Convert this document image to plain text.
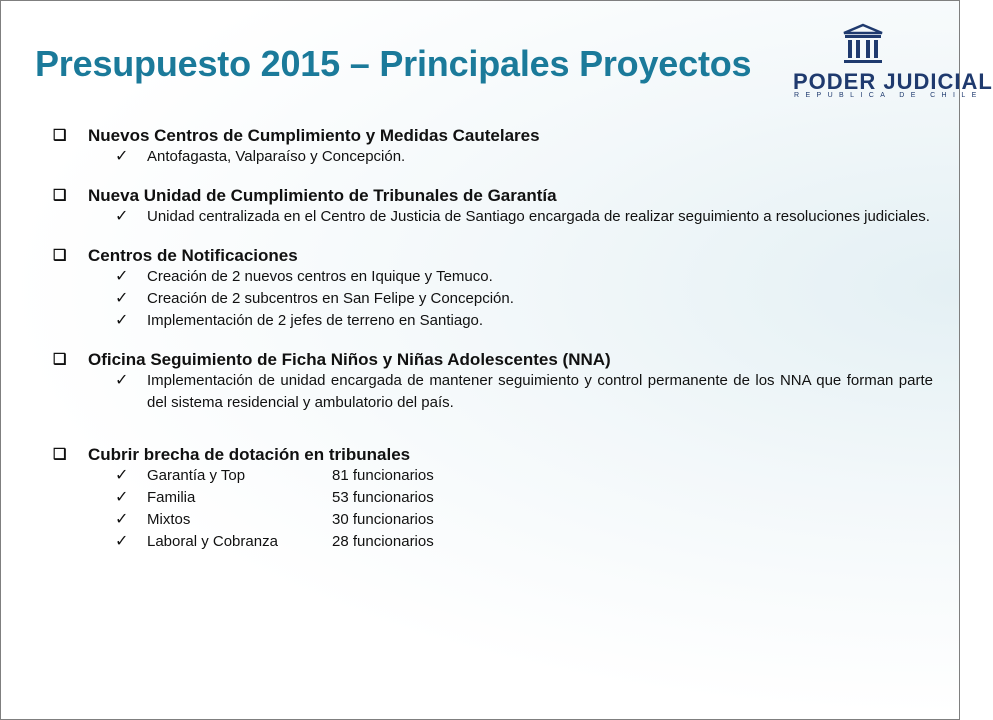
Presupuesto 2015 – Principales Proyectos PODER JUDICIAL
REPUBLICA DE CHILE
❑ Nuevos Centros de Cumplimiento y Medidas Cautelares
✓	Antofagasta, Valparaíso y Concepción.
❑ Nueva Unidad de Cumplimiento de Tribunales de Garantía
✓	Unidad centralizada en el Centro de Justicia de Santiago encargada de realizar seguimiento a resoluciones judiciales.
❑ Centros de Notificaciones
✓	Creación de 2 nuevos centros en Iquique y Temuco.
✓	Creación de 2 subcentros en San Felipe y Concepción.
✓	Implementación de 2 jefes de terreno en Santiago.
❑ Oficina Seguimiento de Ficha Niños y Niñas Adolescentes (NNA)
✓	Implementación de unidad encargada de mantener seguimiento y control permanente de los NNA que forman parte del sistema residencial y ambulatorio del país.
❑ Cubrir brecha de dotación en tribunales
✓	Garantía y Top	81 funcionarios
✓	Familia	53 funcionarios
✓	Mixtos	30 funcionarios
✓	Laboral y Cobranza	28 funcionarios
